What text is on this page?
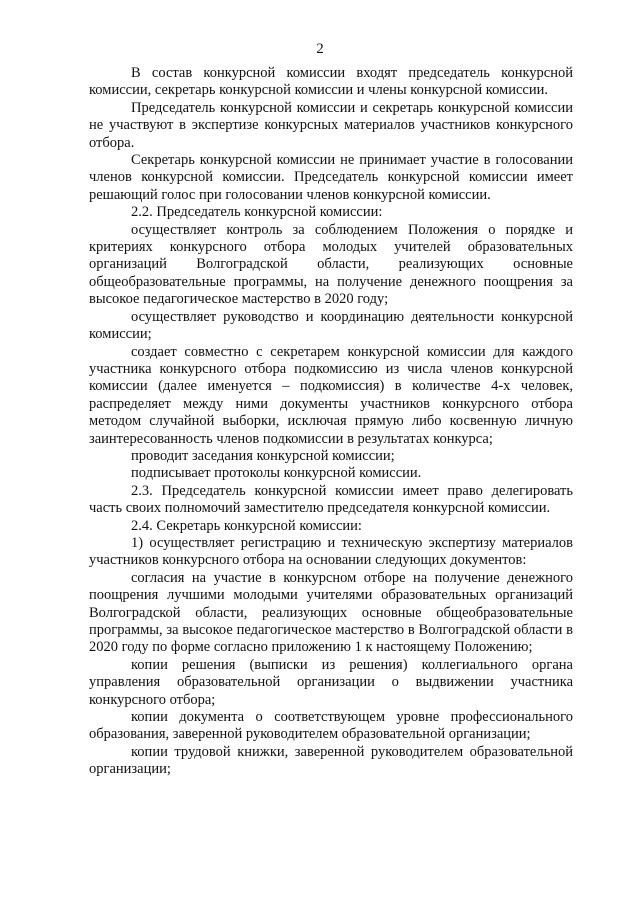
2

В состав конкурсной комиссии входят председатель конкурсной комиссии, секретарь конкурсной комиссии и члены конкурсной комиссии.

Председатель конкурсной комиссии и секретарь конкурсной комиссии не участвуют в экспертизе конкурсных материалов участников конкурсного отбора.

Секретарь конкурсной комиссии не принимает участие в голосовании членов конкурсной комиссии. Председатель конкурсной комиссии имеет решающий голос при голосовании членов конкурсной комиссии.

2.2. Председатель конкурсной комиссии:

осуществляет контроль за соблюдением Положения о порядке и критериях конкурсного отбора молодых учителей образовательных организаций Волгоградской области, реализующих основные общеобразовательные программы, на получение денежного поощрения за высокое педагогическое мастерство в 2020 году;

осуществляет руководство и координацию деятельности конкурсной комиссии;

создает совместно с секретарем конкурсной комиссии для каждого участника конкурсного отбора подкомиссию из числа членов конкурсной комиссии (далее именуется – подкомиссия) в количестве 4-х человек, распределяет между ними документы участников конкурсного отбора методом случайной выборки, исключая прямую либо косвенную личную заинтересованность членов подкомиссии в результатах конкурса;

проводит заседания конкурсной комиссии;

подписывает протоколы конкурсной комиссии.

2.3. Председатель конкурсной комиссии имеет право делегировать часть своих полномочий заместителю председателя конкурсной комиссии.

2.4. Секретарь конкурсной комиссии:

1) осуществляет регистрацию и техническую экспертизу материалов участников конкурсного отбора на основании следующих документов:

согласия на участие в конкурсном отборе на получение денежного поощрения лучшими молодыми учителями образовательных организаций Волгоградской области, реализующих основные общеобразовательные программы, за высокое педагогическое мастерство в Волгоградской области в 2020 году по форме согласно приложению 1 к настоящему Положению;

копии решения (выписки из решения) коллегиального органа управления образовательной организации о выдвижении участника конкурсного отбора;

копии документа о соответствующем уровне профессионального образования, заверенной руководителем образовательной организации;

копии трудовой книжки, заверенной руководителем образовательной организации;
